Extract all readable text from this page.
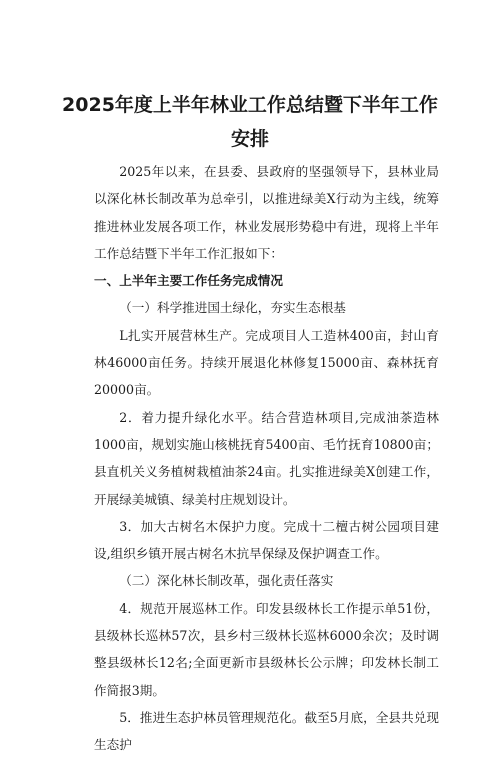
2025年度上半年林业工作总结暨下半年工作安排

2025年以来，在县委、县政府的坚强领导下，县林业局以深化林长制改革为总牵引，以推进绿美X行动为主线，统筹推进林业发展各项工作，林业发展形势稳中有进，现将上半年工作总结暨下半年工作汇报如下：

一、上半年主要工作任务完成情况

（一）科学推进国土绿化，夯实生态根基

L扎实开展营林生产。完成项目人工造林400亩，封山育林46000亩任务。持续开展退化林修复15000亩、森林抚育20000亩。

2．着力提升绿化水平。结合营造林项目,完成油茶造林1000亩，规划实施山核桃抚育5400亩、毛竹抚育10800亩；县直机关义务植树栽植油茶24亩。扎实推进绿美X创建工作，开展绿美城镇、绿美村庄规划设计。

3．加大古树名木保护力度。完成十二檀古树公园项目建设,组织乡镇开展古树名木抗旱保绿及保护调查工作。

（二）深化林长制改革，强化责任落实

4．规范开展巡林工作。印发县级林长工作提示单51份，县级林长巡林57次，县乡村三级林长巡林6000余次；及时调整县级林长12名;全面更新市县级林长公示牌；印发林长制工作简报3期。

5．推进生态护林员管理规范化。截至5月底，全县共兑现生态护
